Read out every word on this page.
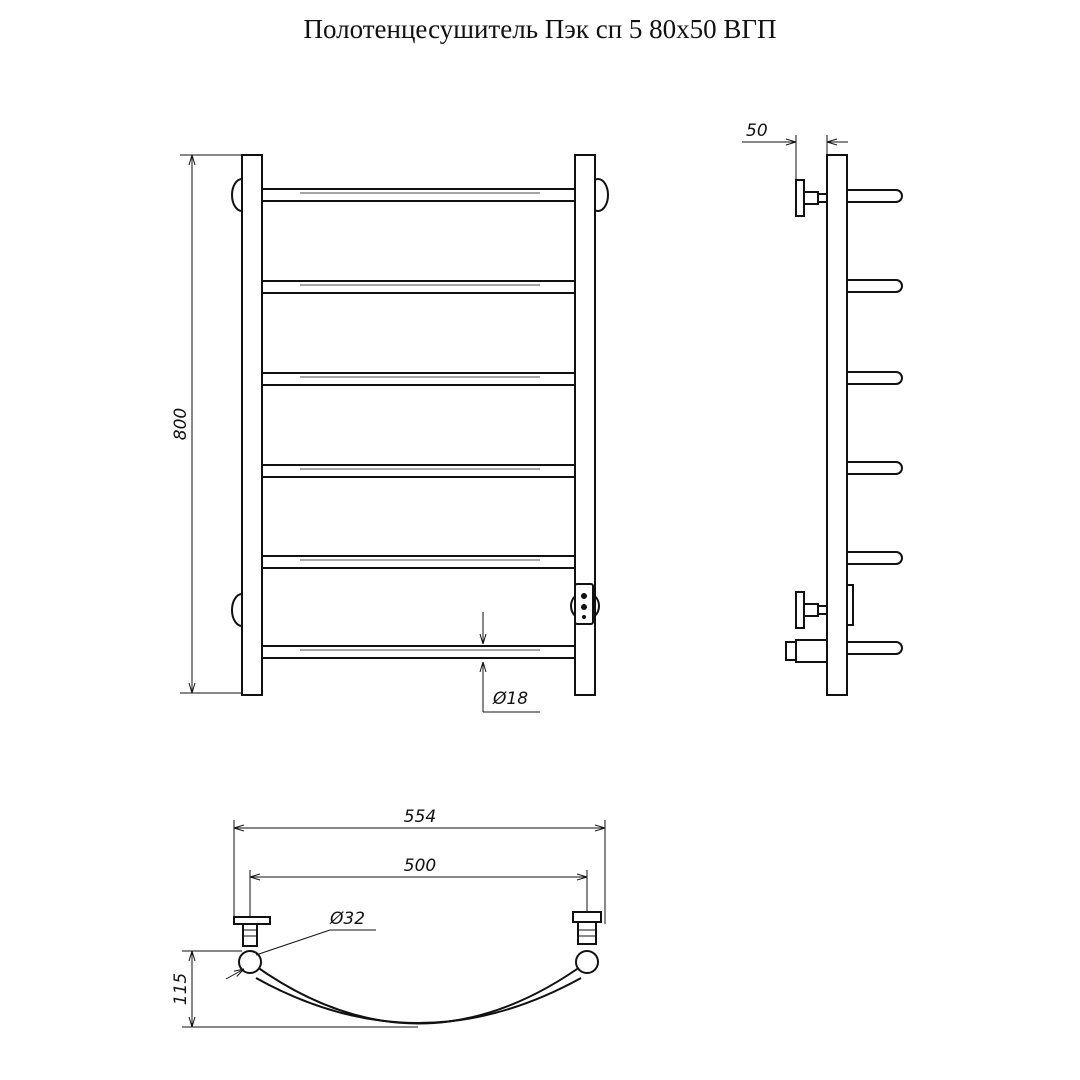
Полотенцесушитель Пэк сп 5 80х50 ВГП
800
Ø18
50
554
500
Ø32
115
